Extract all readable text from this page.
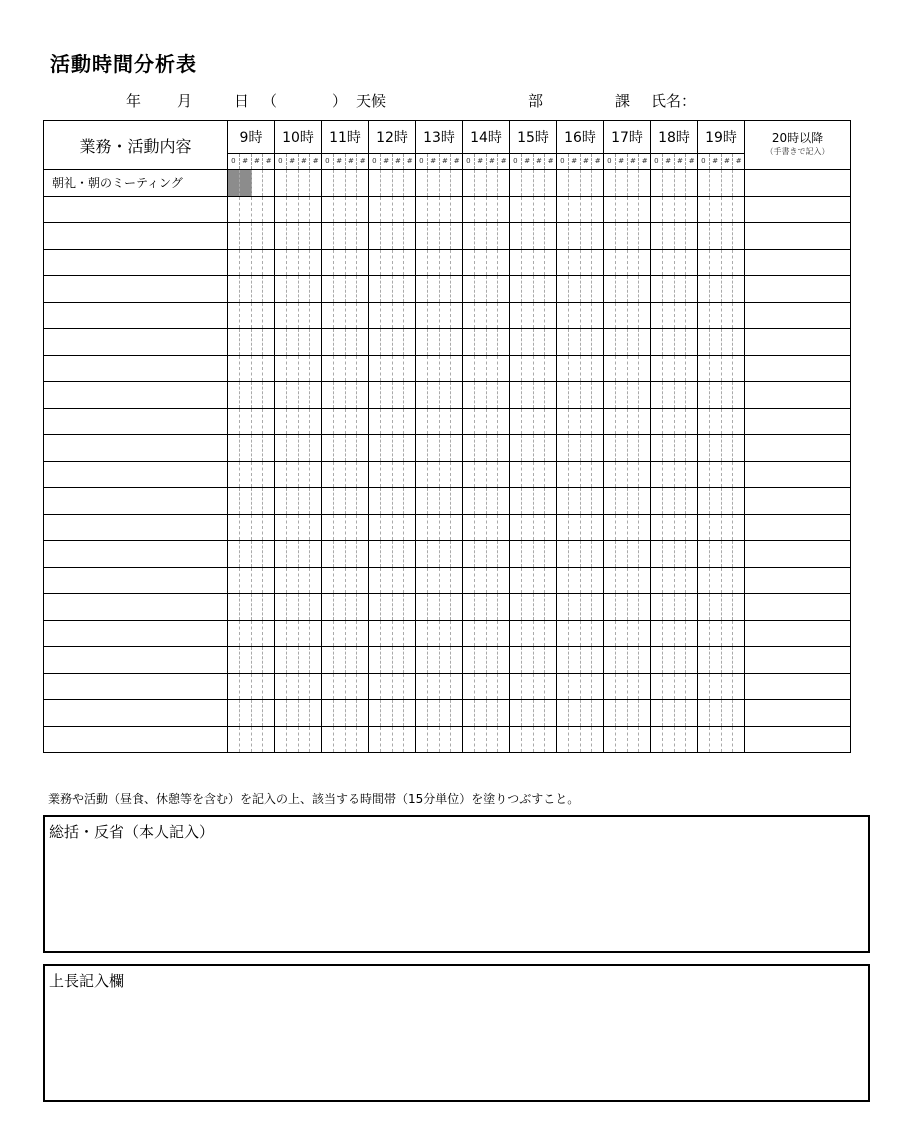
活動時間分析表
年 月	日 （	） 天候	部	課 氏名：
業務・活動内容	9時	10時	11時	12時	13時	14時	15時	16時	17時	18時	19時	20時以降
（手書きで記入）

	0 # # #	0 # # #	0 # # #	0 # # #	0 # # #	0 # # #	0 # # #	0 # # #	0 # # #	0 # # #	0 # # #	

朝礼・朝のミーティング	

業務や活動（昼食、休憩等を含む）を記入の上、該当する時間帯（15分単位）を塗りつぶすこと。
総括・反省（本人記入）
上長記入欄
